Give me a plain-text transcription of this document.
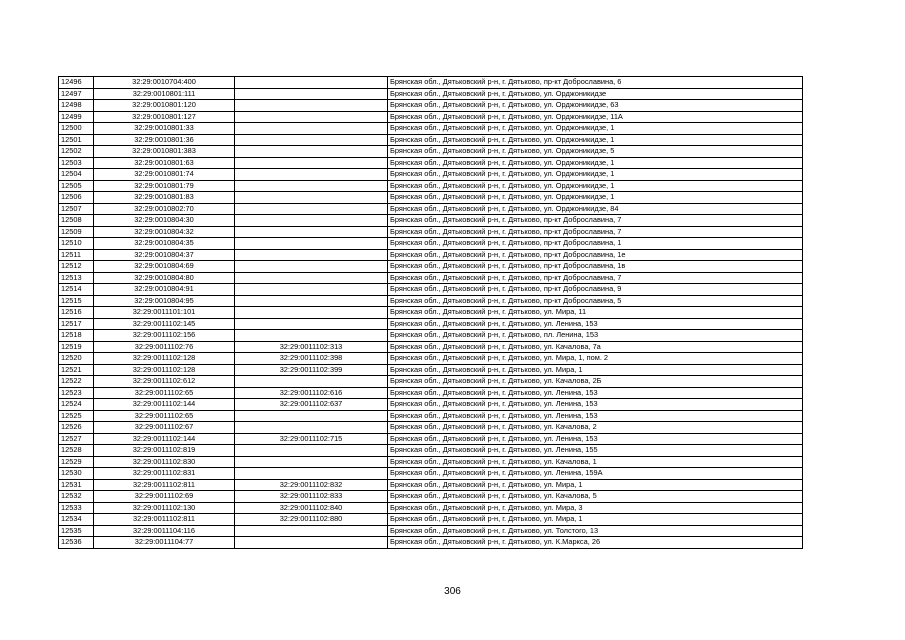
12496	32:29:0010704:400		Брянская обл., Дятьковский р-н, г. Дятьково, пр-кт Доброславина, 6
12497	32:29:0010801:111		Брянская обл., Дятьковский р-н, г. Дятьково, ул. Орджоникидзе
12498	32:29:0010801:120		Брянская обл., Дятьковский р-н, г. Дятьково, ул. Орджоникидзе, 63
12499	32:29:0010801:127		Брянская обл., Дятьковский р-н, г. Дятьково, ул. Орджоникидзе, 11А
12500	32:29:0010801:33		Брянская обл., Дятьковский р-н, г. Дятьково, ул. Орджоникидзе, 1
12501	32:29:0010801:36		Брянская обл., Дятьковский р-н, г. Дятьково, ул. Орджоникидзе, 1
12502	32:29:0010801:383		Брянская обл., Дятьковский р-н, г. Дятьково, ул. Орджоникидзе, 5
12503	32:29:0010801:63		Брянская обл., Дятьковский р-н, г. Дятьково, ул. Орджоникидзе, 1
12504	32:29:0010801:74		Брянская обл., Дятьковский р-н, г. Дятьково, ул. Орджоникидзе, 1
12505	32:29:0010801:79		Брянская обл., Дятьковский р-н, г. Дятьково, ул. Орджоникидзе, 1
12506	32:29:0010801:83		Брянская обл., Дятьковский р-н, г. Дятьково, ул. Орджоникидзе, 1
12507	32:29:0010802:70		Брянская обл., Дятьковский р-н, г. Дятьково, ул. Орджоникидзе, 84
12508	32:29:0010804:30		Брянская обл., Дятьковский р-н, г. Дятьково, пр-кт Доброславина, 7
12509	32:29:0010804:32		Брянская обл., Дятьковский р-н, г. Дятьково, пр-кт Доброславина, 7
12510	32:29:0010804:35		Брянская обл., Дятьковский р-н, г. Дятьково, пр-кт Доброславина, 1
12511	32:29:0010804:37		Брянская обл., Дятьковский р-н, г. Дятьково, пр-кт Доброславина, 1е
12512	32:29:0010804:69		Брянская обл., Дятьковский р-н, г. Дятьково, пр-кт Доброславина, 1в
12513	32:29:0010804:80		Брянская обл., Дятьковский р-н, г. Дятьково, пр-кт Доброславина, 7
12514	32:29:0010804:91		Брянская обл., Дятьковский р-н, г. Дятьково, пр-кт Доброславина, 9
12515	32:29:0010804:95		Брянская обл., Дятьковский р-н, г. Дятьково, пр-кт Доброславина, 5
12516	32:29:0011101:101		Брянская обл., Дятьковский р-н, г. Дятьково, ул. Мира, 11
12517	32:29:0011102:145		Брянская обл., Дятьковский р-н, г. Дятьково, ул. Ленина, 153
12518	32:29:0011102:156		Брянская обл., Дятьковский р-н, г. Дятьково, пл. Ленина, 153
12519	32:29:0011102:76	32:29:0011102:313	Брянская обл., Дятьковский р-н, г. Дятьково, ул. Качалова, 7а
12520	32:29:0011102:128	32:29:0011102:398	Брянская обл., Дятьковский р-н, г. Дятьково, ул. Мира, 1, пом. 2
12521	32:29:0011102:128	32:29:0011102:399	Брянская обл., Дятьковский р-н, г. Дятьково, ул. Мира, 1
12522	32:29:0011102:612		Брянская обл., Дятьковский р-н, г. Дятьково, ул. Качалова, 2Б
12523	32:29:0011102:65	32:29:0011102:616	Брянская обл., Дятьковский р-н, г. Дятьково, ул. Ленина, 153
12524	32:29:0011102:144	32:29:0011102:637	Брянская обл., Дятьковский р-н, г. Дятьково, ул. Ленина, 153
12525	32:29:0011102:65		Брянская обл., Дятьковский р-н, г. Дятьково, ул. Ленина, 153
12526	32:29:0011102:67		Брянская обл., Дятьковский р-н, г. Дятьково, ул. Качалова, 2
12527	32:29:0011102:144	32:29:0011102:715	Брянская обл., Дятьковский р-н, г. Дятьково, ул. Ленина, 153
12528	32:29:0011102:819		Брянская обл., Дятьковский р-н, г. Дятьково, ул. Ленина, 155
12529	32:29:0011102:830		Брянская обл., Дятьковский р-н, г. Дятьково, ул. Качалова, 1
12530	32:29:0011102:831		Брянская обл., Дятьковский р-н, г. Дятьково, ул. Ленина, 159А
12531	32:29:0011102:811	32:29:0011102:832	Брянская обл., Дятьковский р-н, г. Дятьково, ул. Мира, 1
12532	32:29:0011102:69	32:29:0011102:833	Брянская обл., Дятьковский р-н, г. Дятьково, ул. Качалова, 5
12533	32:29:0011102:130	32:29:0011102:840	Брянская обл., Дятьковский р-н, г. Дятьково, ул. Мира, 3
12534	32:29:0011102:811	32:29:0011102:880	Брянская обл., Дятьковский р-н, г. Дятьково, ул. Мира, 1
12535	32:29:0011104:116		Брянская обл., Дятьковский р-н, г. Дятьково, ул. Толстого, 13
12536	32:29:0011104:77		Брянская обл., Дятьковский р-н, г. Дятьково, ул. К.Маркса, 26
306
